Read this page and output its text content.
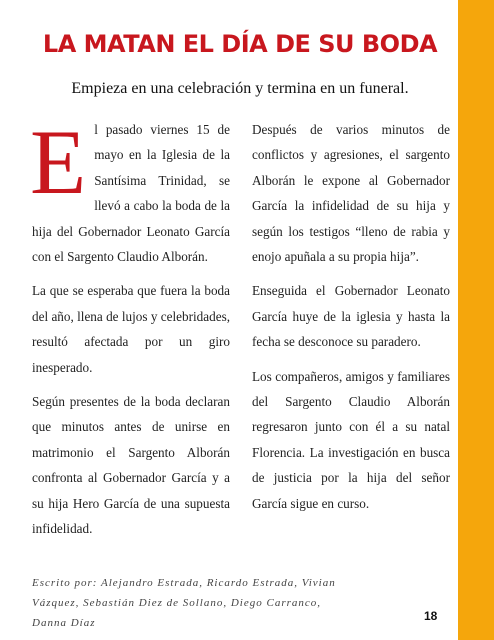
LA MATAN EL DÍA DE SU BODA

Empieza en una celebración y termina en un funeral.

El pasado viernes 15 de mayo en la Iglesia de la Santísima Trinidad, se llevó a cabo la boda de la hija del Gobernador Leonato García con el Sargento Claudio Alborán.

La que se esperaba que fuera la boda del año, llena de lujos y celebridades, resultó afectada por un giro inesperado.

Según presentes de la boda declaran que minutos antes de unirse en matrimonio el Sargento Alborán confronta al Gobernador García y a su hija Hero García de una supuesta infidelidad.

Después de varios minutos de conflictos y agresiones, el sargento Alborán le expone al Gobernador García la infidelidad de su hija y según los testigos “lleno de rabia y enojo apuñala a su propia hija”.

Enseguida el Gobernador Leonato García huye de la iglesia y hasta la fecha se desconoce su paradero.

Los compañeros, amigos y familiares del Sargento Claudio Alborán regresaron junto con él a su natal Florencia. La investigación en busca de justicia por la hija del señor García sigue en curso.

Escrito por: Alejandro Estrada, Ricardo Estrada, Vivian Vázquez, Sebastián Diez de Sollano, Diego Carranco, Danna Díaz	18
